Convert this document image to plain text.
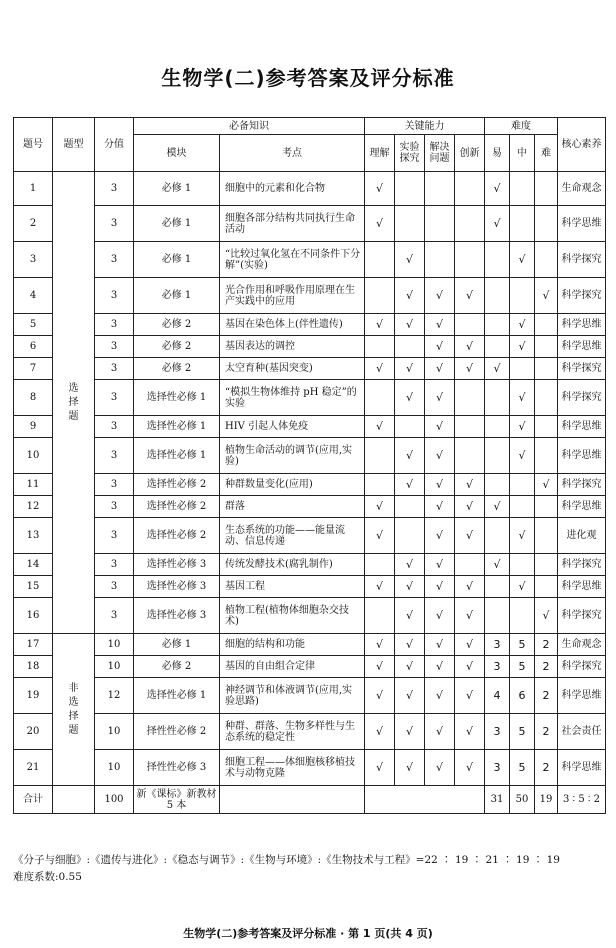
生物学(二)参考答案及评分标准
题号	题型	分值	必备知识		关键能力				难度			核心素养
			模块	考点	理解	实验探究	解决问题	创新	易	中	难	
1	选择题	3	必修 1	细胞中的元素和化合物	√				√			生命观念
2		3	必修 1	细胞各部分结构共同执行生命活动	√				√			科学思维
3		3	必修 1	“比较过氧化氢在不同条件下分解”(实验)		√				√		科学探究
4		3	必修 1	光合作用和呼吸作用原理在生产实践中的应用		√	√	√			√	科学探究
5		3	必修 2	基因在染色体上(伴性遗传)	√	√	√			√		科学思维
6		3	必修 2	基因表达的调控			√	√		√		科学思维
7		3	必修 2	太空育种(基因突变)	√	√	√	√	√			科学探究
8		3	选择性必修 1	“模拟生物体维持 pH 稳定”的实验		√	√			√		科学探究
9		3	选择性必修 1	HIV 引起人体免疫	√		√			√		科学思维
10		3	选择性必修 1	植物生命活动的调节(应用,实验)		√	√			√		科学思维
11		3	选择性必修 2	种群数量变化(应用)		√	√	√			√	科学探究
12		3	选择性必修 2	群落	√		√	√	√			科学思维
13		3	选择性必修 2	生态系统的功能——能量流动、信息传递	√		√	√		√		进化观
14		3	选择性必修 3	传统发酵技术(腐乳制作)		√	√		√			科学探究
15		3	选择性必修 3	基因工程	√	√	√	√		√		科学思维
16		3	选择性必修 3	植物工程(植物体细胞杂交技术)		√	√	√			√	科学探究
17	非选择题	10	必修 1	细胞的结构和功能	√	√	√	√	3	5	2	生命观念
18		10	必修 2	基因的自由组合定律	√	√	√	√	3	5	2	科学探究
19		12	选择性必修 1	神经调节和体液调节(应用,实验思路)	√	√	√	√	4	6	2	科学思维
20		10	择性性必修 2	种群、群落、生物多样性与生态系统的稳定性	√	√	√	√	3	5	2	社会责任
21		10	择性性必修 3	细胞工程——体细胞核移植技术与动物克隆	√	√	√	√	3	5	2	科学思维
合计		100	新《课标》新教材 5 本						31	50	19	3 ∶ 5 ∶ 2
《分子与细胞》:《遗传与进化》:《稳态与调节》:《生物与环境》:《生物技术与工程》=22 ∶ 19 ∶ 21 ∶ 19 ∶ 19
难度系数:0.55
生物学(二)参考答案及评分标准 · 第 1 页(共 4 页)
